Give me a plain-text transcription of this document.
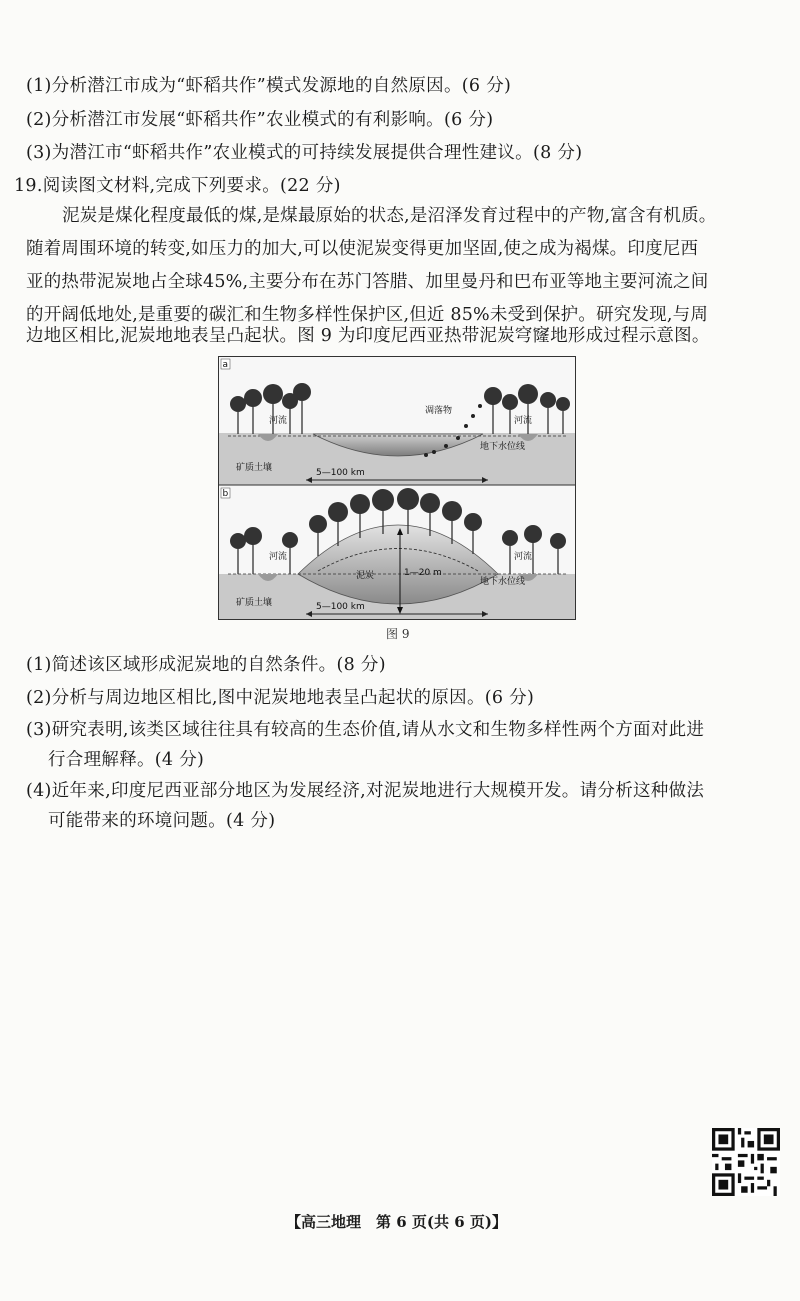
(1)分析潜江市成为“虾稻共作”模式发源地的自然原因。(6 分)
(2)分析潜江市发展“虾稻共作”农业模式的有利影响。(6 分)
(3)为潜江市“虾稻共作”农业模式的可持续发展提供合理性建议。(8 分)
19.阅读图文材料,完成下列要求。(22 分)
泥炭是煤化程度最低的煤,是煤最原始的状态,是沼泽发育过程中的产物,富含有机质。
随着周围环境的转变,如压力的加大,可以使泥炭变得更加坚固,使之成为褐煤。印度尼西
亚的热带泥炭地占全球45%,主要分布在苏门答腊、加里曼丹和巴布亚等地主要河流之间
的开阔低地处,是重要的碳汇和生物多样性保护区,但近 85%未受到保护。研究发现,与周
边地区相比,泥炭地地表呈凸起状。图 9 为印度尼西亚热带泥炭穹窿地形成过程示意图。
a
河流	河流
凋落物
地下水位线
矿质土壤	5—100 km
b
河流	河流
泥炭	1—20 m
地下水位线
矿质土壤	5—100 km
图 9
(1)简述该区域形成泥炭地的自然条件。(8 分)
(2)分析与周边地区相比,图中泥炭地地表呈凸起状的原因。(6 分)
(3)研究表明,该类区域往往具有较高的生态价值,请从水文和生物多样性两个方面对此进
行合理解释。(4 分)
(4)近年来,印度尼西亚部分地区为发展经济,对泥炭地进行大规模开发。请分析这种做法
可能带来的环境问题。(4 分)
【高三地理　第 6 页(共 6 页)】
